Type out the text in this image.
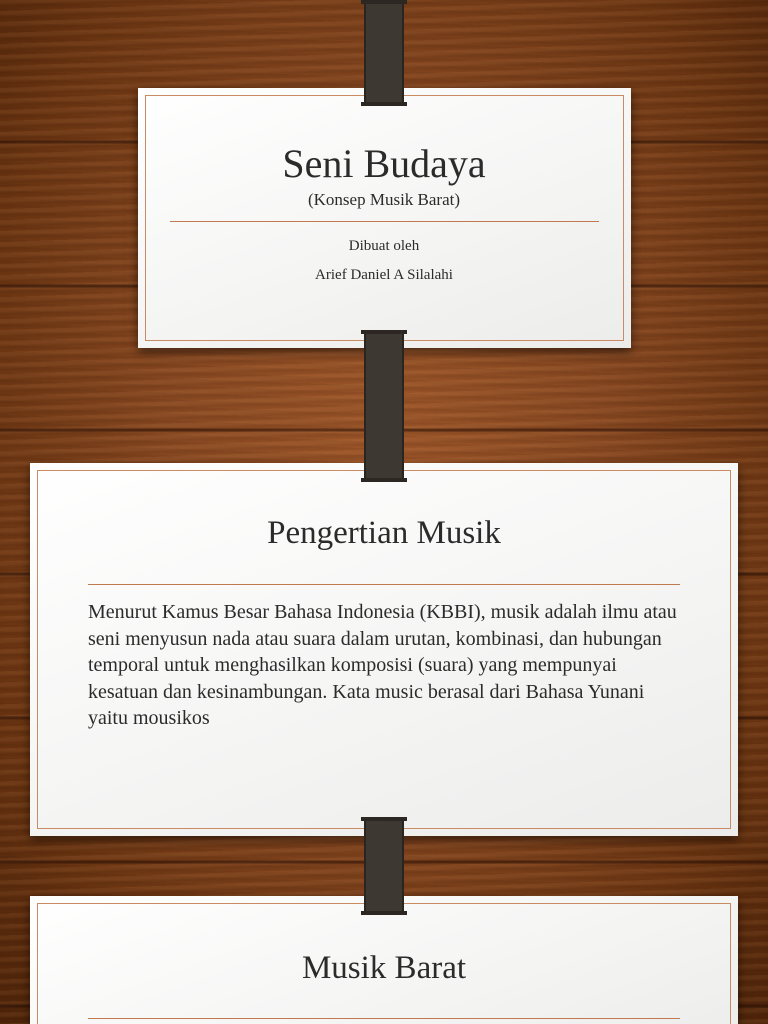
Seni Budaya
(Konsep Musik Barat)
Dibuat oleh
Arief Daniel A Silalahi
Pengertian Musik
Menurut Kamus Besar Bahasa Indonesia (KBBI), musik adalah ilmu atau seni menyusun nada atau suara dalam urutan, kombinasi, dan hubungan temporal untuk menghasilkan komposisi (suara) yang mempunyai kesatuan dan kesinambungan. Kata music berasal dari Bahasa Yunani yaitu mousikos
Musik Barat
